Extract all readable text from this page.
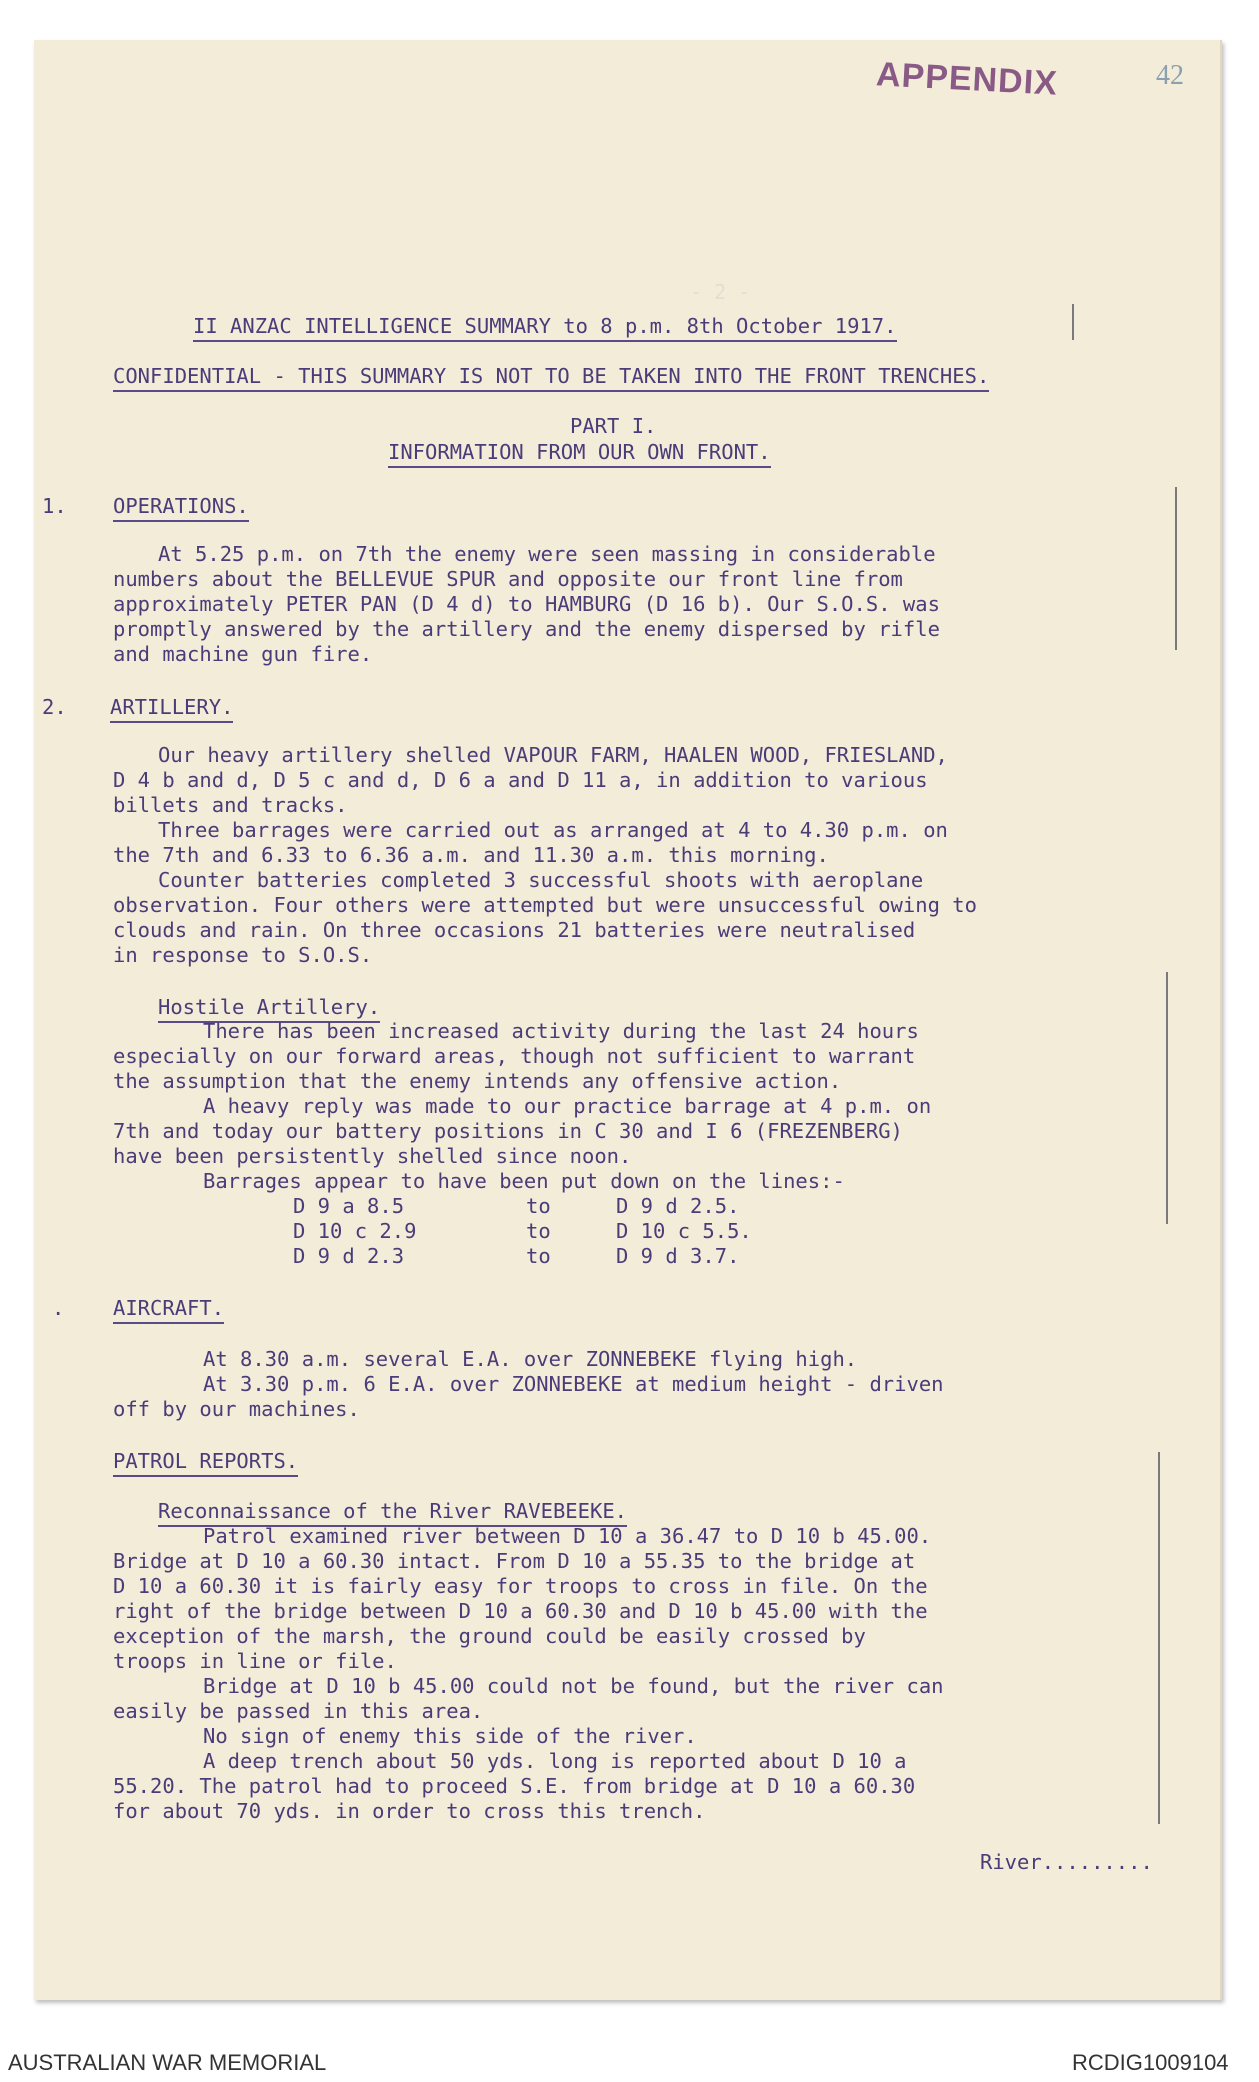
APPENDIX	42
- 2 -
II ANZAC INTELLIGENCE SUMMARY to 8 p.m. 8th October 1917.
CONFIDENTIAL - THIS SUMMARY IS NOT TO BE TAKEN INTO THE FRONT TRENCHES.
PART I.
INFORMATION FROM OUR OWN FRONT.
1. OPERATIONS.
At 5.25 p.m. on 7th the enemy were seen massing in considerable
numbers about the BELLEVUE SPUR and opposite our front line from
approximately PETER PAN (D 4 d) to HAMBURG (D 16 b). Our S.O.S. was
promptly answered by the artillery and the enemy dispersed by rifle
and machine gun fire.
2. ARTILLERY.
Our heavy artillery shelled VAPOUR FARM, HAALEN WOOD, FRIESLAND,
D 4 b and d, D 5 c and d, D 6 a and D 11 a, in addition to various
billets and tracks.
Three barrages were carried out as arranged at 4 to 4.30 p.m. on
the 7th and 6.33 to 6.36 a.m. and 11.30 a.m. this morning.
Counter batteries completed 3 successful shoots with aeroplane
observation. Four others were attempted but were unsuccessful owing to
clouds and rain. On three occasions 21 batteries were neutralised
in response to S.O.S.
Hostile Artillery.
There has been increased activity during the last 24 hours
especially on our forward areas, though not sufficient to warrant
the assumption that the enemy intends any offensive action.
A heavy reply was made to our practice barrage at 4 p.m. on
7th and today our battery positions in C 30 and I 6 (FREZENBERG)
have been persistently shelled since noon.
Barrages appear to have been put down on the lines:-
D 9 a 8.5	to	D 9 d 2.5.
D 10 c 2.9	to	D 10 c 5.5.
D 9 d 2.3	to	D 9 d 3.7.
. AIRCRAFT.
At 8.30 a.m. several E.A. over ZONNEBEKE flying high.
At 3.30 p.m. 6 E.A. over ZONNEBEKE at medium height - driven
off by our machines.
PATROL REPORTS.
Reconnaissance of the River RAVEBEEKE.
Patrol examined river between D 10 a 36.47 to D 10 b 45.00.
Bridge at D 10 a 60.30 intact. From D 10 a 55.35 to the bridge at
D 10 a 60.30 it is fairly easy for troops to cross in file. On the
right of the bridge between D 10 a 60.30 and D 10 b 45.00 with the
exception of the marsh, the ground could be easily crossed by
troops in line or file.
Bridge at D 10 b 45.00 could not be found, but the river can
easily be passed in this area.
No sign of enemy this side of the river.
A deep trench about 50 yds. long is reported about D 10 a
55.20. The patrol had to proceed S.E. from bridge at D 10 a 60.30
for about 70 yds. in order to cross this trench.
River.........
AUSTRALIAN WAR MEMORIAL	RCDIG1009104
